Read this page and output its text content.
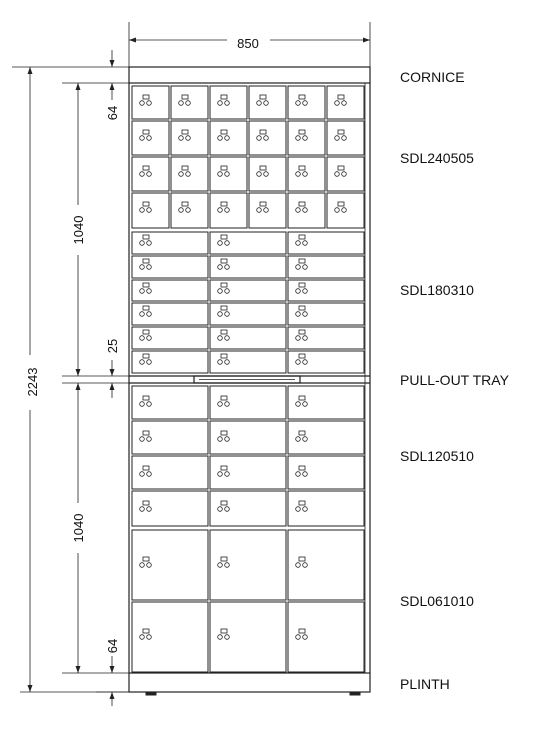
850
2243
1040
1040
64
25
64
CORNICE
SDL240505
SDL180310
PULL-OUT TRAY
SDL120510
SDL061010
PLINTH
